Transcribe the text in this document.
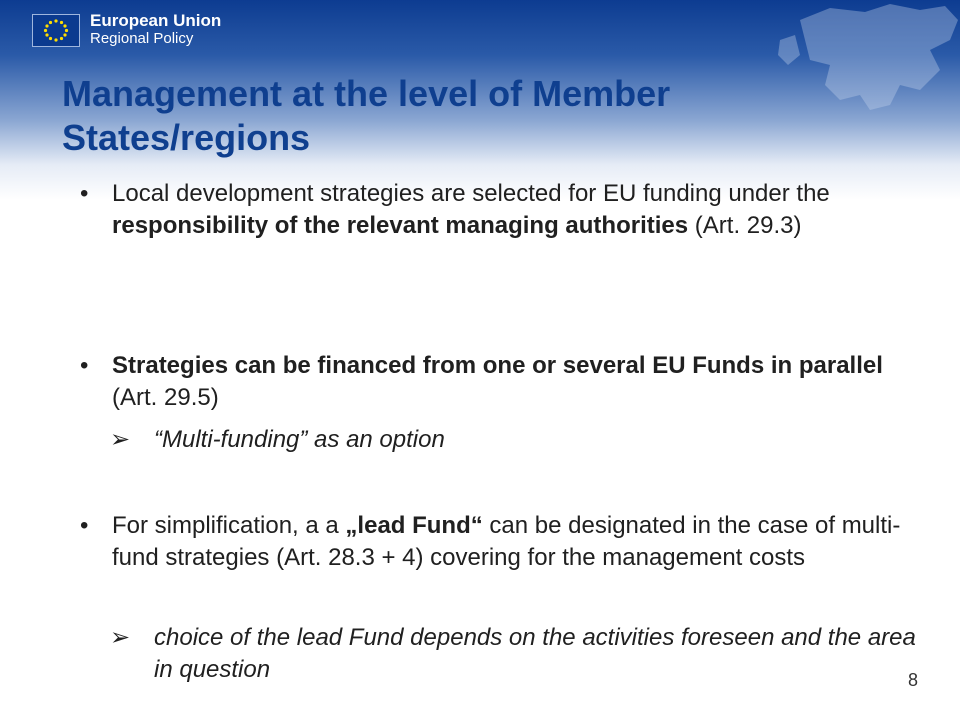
European Union
Regional Policy
Management at the level of Member States/regions
• Local development strategies are selected for EU funding under the responsibility of the relevant managing authorities (Art. 29.3)
• Strategies can be financed from one or several EU Funds in parallel (Art. 29.5)
➢ “Multi-funding” as an option
• For simplification, a a „lead Fund“ can be designated in the case of multi-fund strategies (Art. 28.3 + 4) covering for the management costs
➢ choice of the lead Fund depends on the activities foreseen and the area in question	8
